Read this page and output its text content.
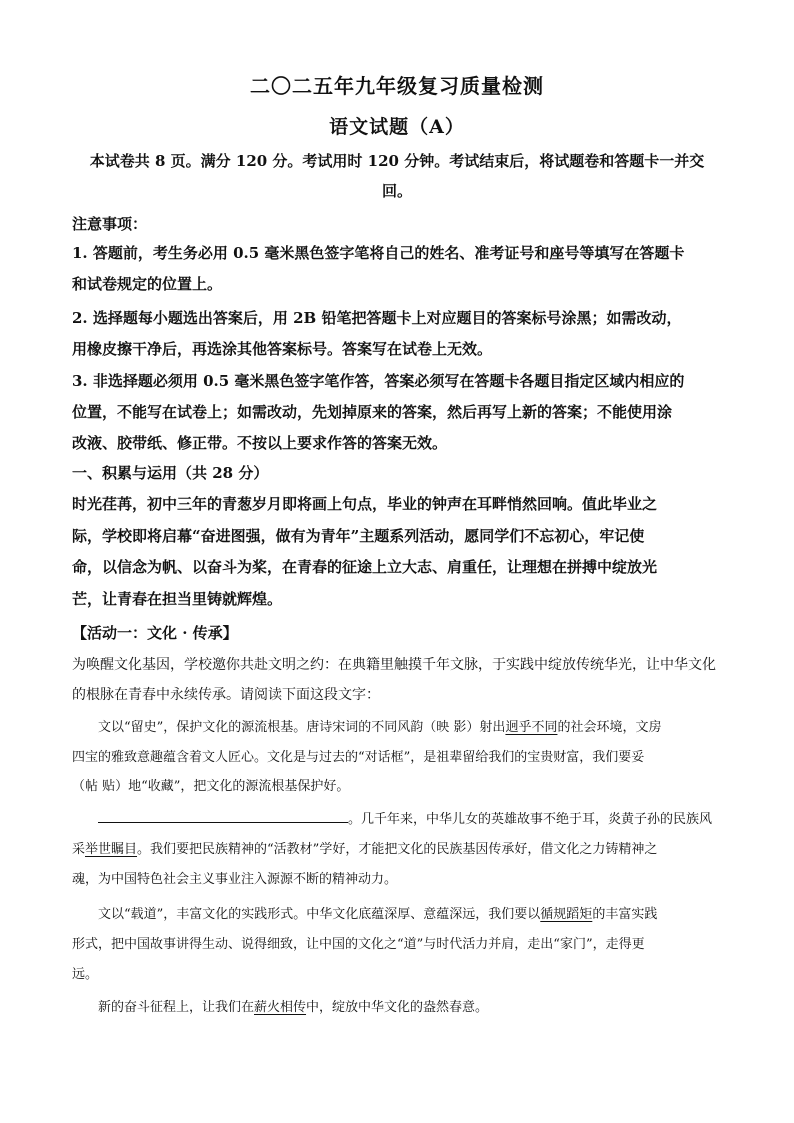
二〇二五年九年级复习质量检测
语文试题（A）
本试卷共 8 页。满分 120 分。考试用时 120 分钟。考试结束后，将试题卷和答题卡一并交
回。
注意事项：
1. 答题前，考生务必用 0.5 毫米黑色签字笔将自己的姓名、准考证号和座号等填写在答题卡
和试卷规定的位置上。
2. 选择题每小题选出答案后，用 2B 铅笔把答题卡上对应题目的答案标号涂黑；如需改动，
用橡皮擦干净后，再选涂其他答案标号。答案写在试卷上无效。
3. 非选择题必须用 0.5 毫米黑色签字笔作答，答案必须写在答题卡各题目指定区域内相应的
位置，不能写在试卷上；如需改动，先划掉原来的答案，然后再写上新的答案；不能使用涂
改液、胶带纸、修正带。不按以上要求作答的答案无效。
一、积累与运用（共 28 分）
时光荏苒，初中三年的青葱岁月即将画上句点，毕业的钟声在耳畔悄然回响。值此毕业之
际，学校即将启幕“奋进图强，做有为青年”主题系列活动，愿同学们不忘初心，牢记使
命，以信念为帆、以奋斗为桨，在青春的征途上立大志、肩重任，让理想在拼搏中绽放光
芒，让青春在担当里铸就辉煌。
【活动一：文化 · 传承】
为唤醒文化基因，学校邀你共赴文明之约：在典籍里触摸千年文脉，于实践中绽放传统华光，让中华文化
的根脉在青春中永续传承。请阅读下面这段文字：
文以“留史”，保护文化的源流根基。唐诗宋词的不同风韵（映 影）射出迥乎不同的社会环境，文房
四宝的雅致意趣蕴含着文人匠心。文化是与过去的“对话框”，是祖辈留给我们的宝贵财富，我们要妥
（帖 贴）地“收藏”，把文化的源流根基保护好。
。几千年来，中华儿女的英雄故事不绝于耳，炎黄子孙的民族风
采举世瞩目。我们要把民族精神的“活教材”学好，才能把文化的民族基因传承好，借文化之力铸精神之
魂，为中国特色社会主义事业注入源源不断的精神动力。
文以“载道”，丰富文化的实践形式。中华文化底蕴深厚、意蕴深远，我们要以循规蹈矩的丰富实践
形式，把中国故事讲得生动、说得细致，让中国的文化之“道”与时代活力并肩，走出“家门”，走得更
远。
新的奋斗征程上，让我们在薪火相传中，绽放中华文化的盎然春意。
